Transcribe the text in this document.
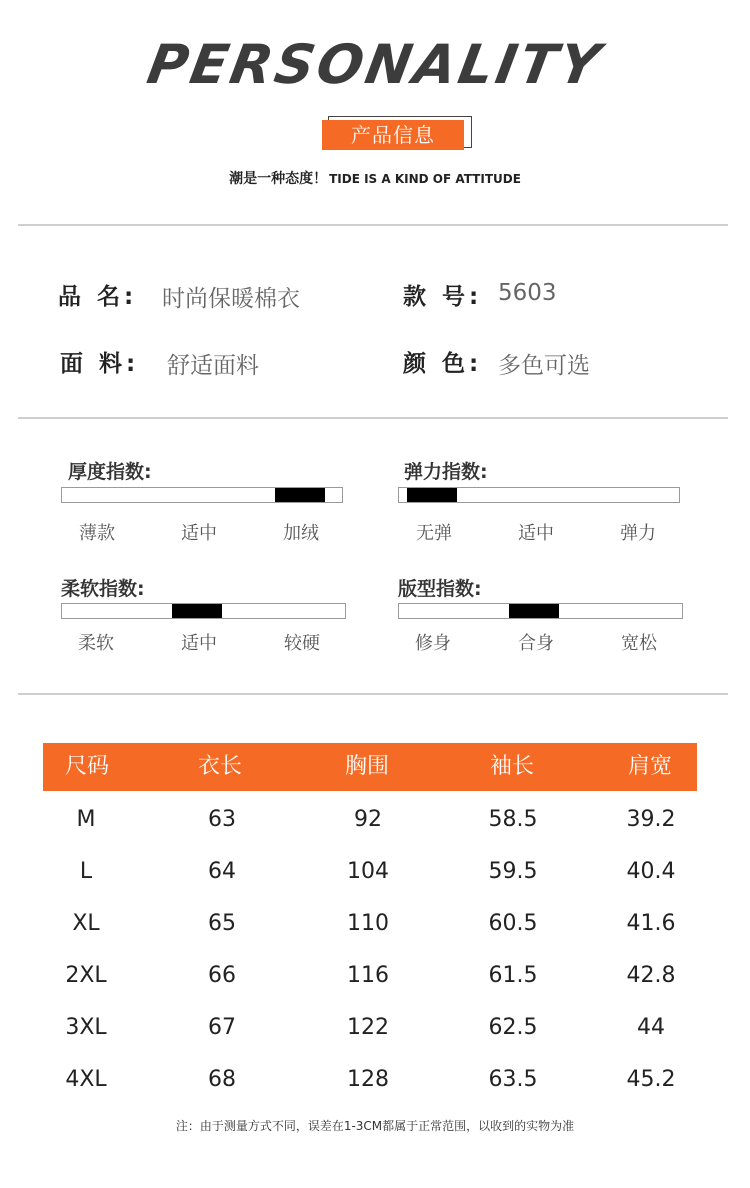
PERSONALITY
产品信息
潮是一种态度！ TIDE IS A KIND OF ATTITUDE
品 名: 时尚保暖棉衣	款 号: 5603
面 料: 舒适面料	颜 色: 多色可选
厚度指数:
薄款	适中	加绒
弹力指数:
无弹	适中	弹力
柔软指数:
柔软	适中	较硬
版型指数:
修身	合身	宽松
尺码	衣长	胸围	袖长	肩宽
M	63	92	58.5	39.2
L	64	104	59.5	40.4
XL	65	110	60.5	41.6
2XL	66	116	61.5	42.8
3XL	67	122	62.5	44
4XL	68	128	63.5	45.2
注：由于测量方式不同，误差在1-3CM都属于正常范围，以收到的实物为准
